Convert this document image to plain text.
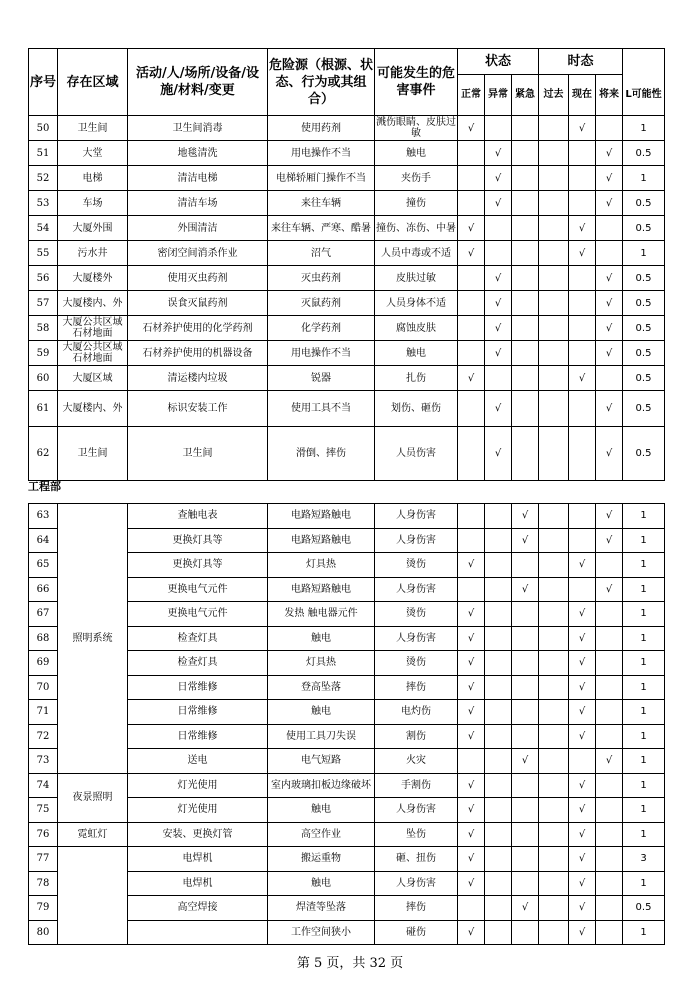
序号	存在区域	活动/人/场所/设备/设施/材料/变更	危险源（根源、状态、行为或其组合）	可能发生的危害事件	状态			时态			
					正常	异常	紧急	过去	现在	将来	L可能性
50	卫生间	卫生间消毒	使用药剂	溅伤眼睛、皮肤过敏	√				√		1
51	大堂	地毯清洗	用电操作不当	触电		√				√	0.5
52	电梯	清洁电梯	电梯轿厢门操作不当	夹伤手		√				√	1
53	车场	清洁车场	来往车辆	撞伤		√				√	0.5
54	大厦外围	外围清洁	来往车辆、严寒、酷暑	撞伤、冻伤、中暑	√				√		0.5
55	污水井	密闭空间消杀作业	沼气	人员中毒或不适	√				√		1
56	大厦楼外	使用灭虫药剂	灭虫药剂	皮肤过敏		√				√	0.5
57	大厦楼内、外	误食灭鼠药剂	灭鼠药剂	人员身体不适		√				√	0.5
58	大厦公共区域石材地面	石材养护使用的化学药剂	化学药剂	腐蚀皮肤		√				√	0.5
59	大厦公共区域石材地面	石材养护使用的机器设备	用电操作不当	触电		√				√	0.5
60	大厦区域	清运楼内垃圾	锐器	扎伤	√				√		0.5
61	大厦楼内、外	标识安装工作	使用工具不当	划伤、砸伤		√				√	0.5
62	卫生间	卫生间	滑倒、摔伤	人员伤害		√				√	0.5
工程部
63	照明系统	查触电表	电路短路触电	人身伤害			√			√	1
64		更换灯具等	电路短路触电	人身伤害			√			√	1
65		更换灯具等	灯具热	烫伤	√				√		1
66		更换电气元件	电路短路触电	人身伤害			√			√	1
67		更换电气元件	发热 触电器元件	烫伤	√				√		1
68		检查灯具	触电	人身伤害	√				√		1
69		检查灯具	灯具热	烫伤	√				√		1
70		日常维修	登高坠落	摔伤	√				√		1
71		日常维修	触电	电灼伤	√				√		1
72		日常维修	使用工具刀失误	割伤	√				√		1
73		送电	电气短路	火灾			√			√	1
74	夜景照明	灯光使用	室内玻璃扣板边缘破坏	手割伤	√				√		1
75		灯光使用	触电	人身伤害	√				√		1
76	霓虹灯	安装、更换灯管	高空作业	坠伤	√				√		1
77		电焊机	搬运重物	砸、扭伤	√				√		3
78		电焊机	触电	人身伤害	√				√		1
79		高空焊接	焊渣等坠落	摔伤			√		√		0.5
80			工作空间狭小	碰伤	√				√		1
第 5 页，共 32 页
